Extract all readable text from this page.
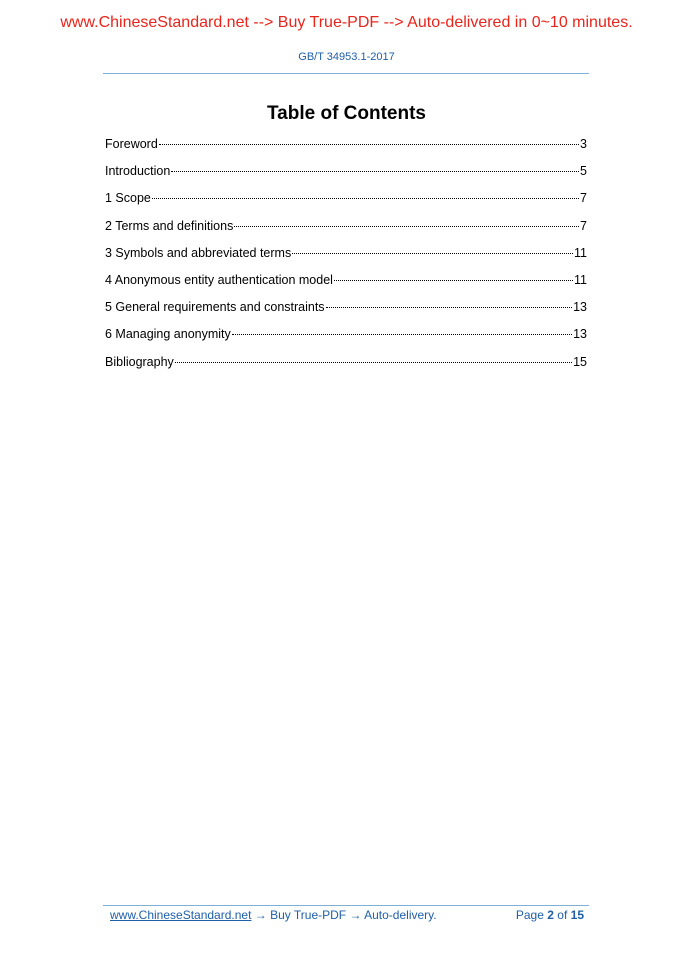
www.ChineseStandard.net --> Buy True-PDF --> Auto-delivered in 0~10 minutes.
GB/T 34953.1-2017
Table of Contents
Foreword	3
Introduction	5
1 Scope	7
2 Terms and definitions	7
3 Symbols and abbreviated terms	11
4 Anonymous entity authentication model	11
5 General requirements and constraints	13
6 Managing anonymity	13
Bibliography	15
www.ChineseStandard.net → Buy True-PDF → Auto-delivery.	Page 2 of 15
